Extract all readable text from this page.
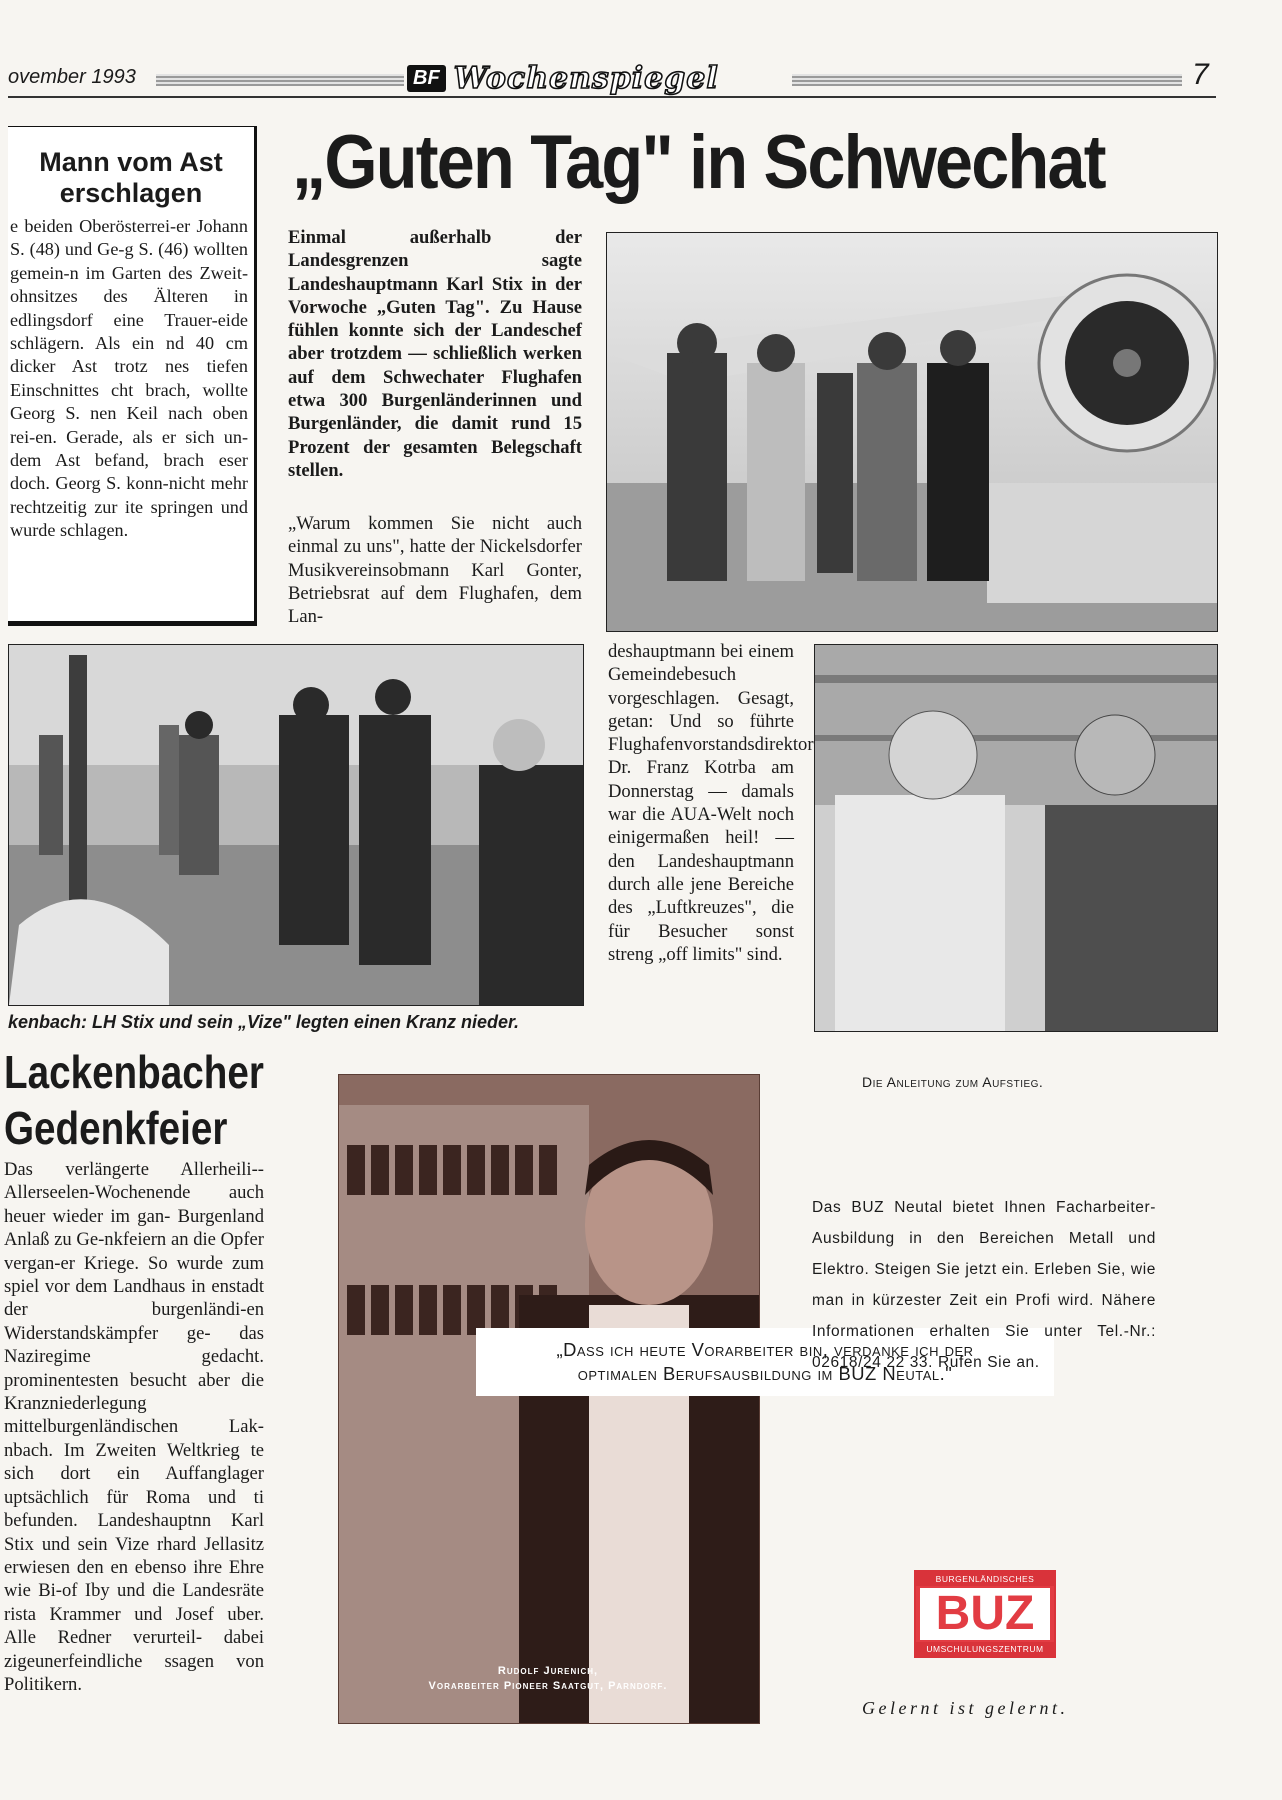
ovember 1993	BF Wochenspiegel	7
Mann vom Ast
erschlagen
e beiden Oberösterrei-er Johann S. (48) und Ge-g S. (46) wollten gemein-n im Garten des Zweit-ohnsitzes des Älteren in edlingsdorf eine Trauer-eide schlägern. Als ein nd 40 cm dicker Ast trotz nes tiefen Einschnittes cht brach, wollte Georg S. nen Keil nach oben rei-en. Gerade, als er sich un- dem Ast befand, brach eser doch. Georg S. konn-nicht mehr rechtzeitig zur ite springen und wurde schlagen.
„Guten Tag" in Schwechat
Einmal außerhalb der Landesgrenzen sagte Landeshauptmann Karl Stix in der Vorwoche „Guten Tag". Zu Hause fühlen konnte sich der Landeschef aber trotzdem — schließlich werken auf dem Schwechater Flughafen etwa 300 Burgenländerinnen und Burgenländer, die damit rund 15 Prozent der gesamten Belegschaft stellen.
„Warum kommen Sie nicht auch einmal zu uns", hatte der Nickelsdorfer Musikvereinsobmann Karl Gonter, Betriebsrat auf dem Flughafen, dem Lan-
deshauptmann bei einem Gemeindebesuch vorgeschlagen. Gesagt, getan: Und so führte Flughafenvorstandsdirektor Dr. Franz Kotrba am Donnerstag — damals war die AUA-Welt noch einigermaßen heil! — den Landeshauptmann durch alle jene Bereiche des „Luftkreuzes", die für Besucher sonst streng „off limits" sind.
kenbach: LH Stix und sein „Vize" legten einen Kranz nieder.
Lackenbacher
Gedenkfeier
Das verlängerte Allerheili--Allerseelen-Wochenende auch heuer wieder im gan- Burgenland Anlaß zu Ge-nkfeiern an die Opfer vergan-er Kriege. So wurde zum spiel vor dem Landhaus in enstadt der burgenländi-en Widerstandskämpfer ge- das Naziregime gedacht. prominentesten besucht aber die Kranzniederlegung mittelburgenländischen Lak-nbach. Im Zweiten Weltkrieg te sich dort ein Auffanglager uptsächlich für Roma und ti befunden. Landeshauptnn Karl Stix und sein Vize rhard Jellasitz erwiesen den en ebenso ihre Ehre wie Bi-of Iby und die Landesräte rista Krammer und Josef uber. Alle Redner verurteil- dabei zigeunerfeindliche ssagen von Politikern.
Die Anleitung zum Aufstieg.
„Dass ich heute Vorarbeiter bin, verdanke ich der
optimalen Berufsausbildung im BUZ Neutal."
Rudolf Jurenich,
Vorarbeiter Pioneer Saatgut, Parndorf.
Das BUZ Neutal bietet Ihnen Facharbeiter-Ausbildung in den Bereichen Metall und Elektro. Steigen Sie jetzt ein. Erleben Sie, wie man in kürzester Zeit ein Profi wird. Nähere Informationen erhalten Sie unter Tel.-Nr.: 02618/24 22 33. Rufen Sie an.
BURGENLÄNDISCHES
BUZ
UMSCHULUNGSZENTRUM
Gelernt ist gelernt.
